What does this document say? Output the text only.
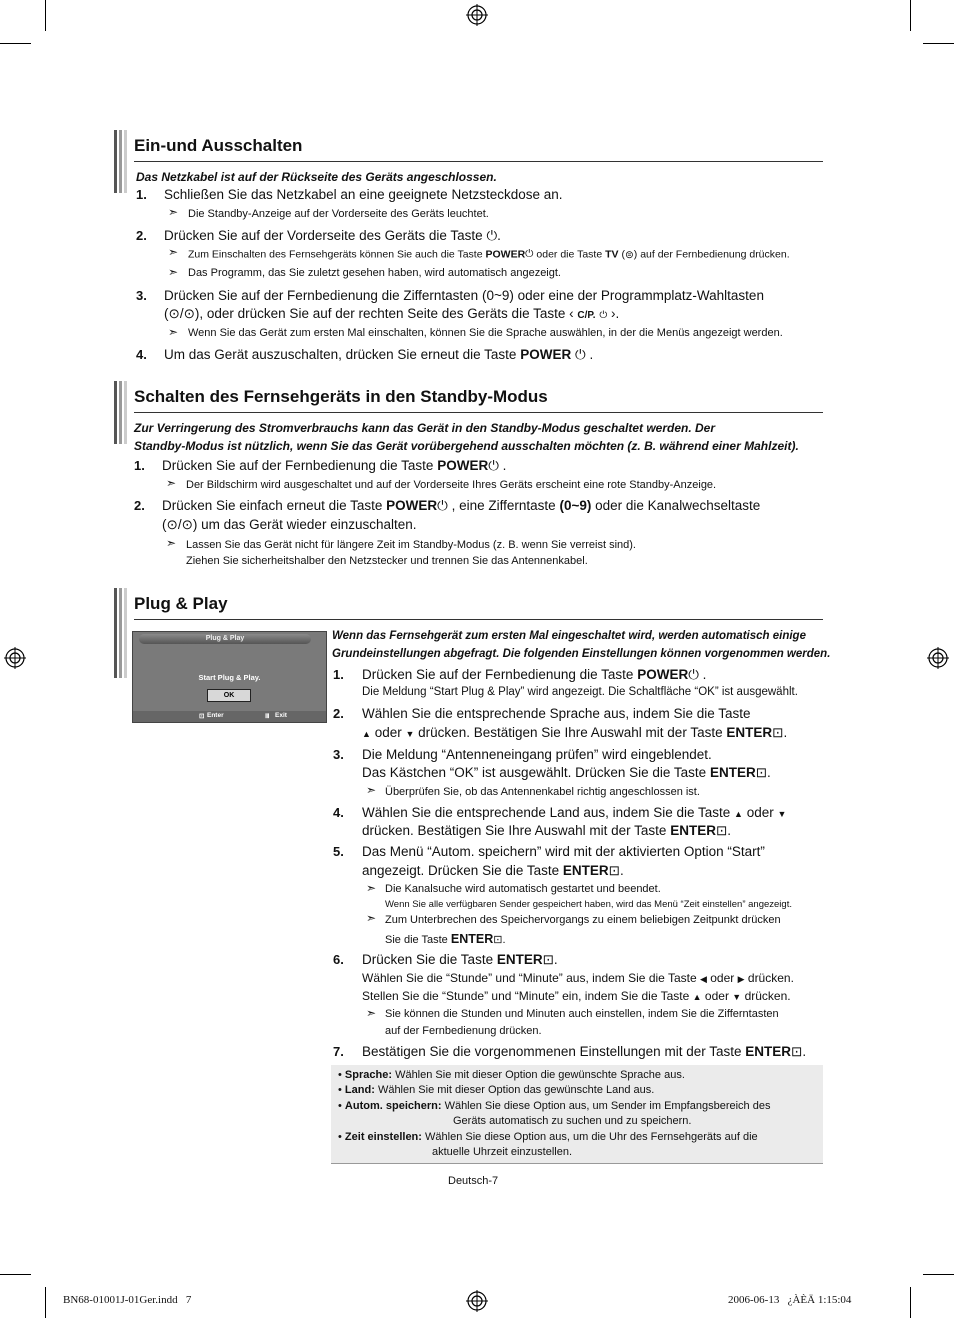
Ein-und Ausschalten
Das Netzkabel ist auf der Rückseite des Geräts angeschlossen.
1. Schließen Sie das Netzkabel an eine geeignete Netzsteckdose an.
➣ Die Standby-Anzeige auf der Vorderseite des Geräts leuchtet.
2. Drücken Sie auf der Vorderseite des Geräts die Taste ⏻.
➣ Zum Einschalten des Fernsehgeräts können Sie auch die Taste POWER⏻ oder die Taste TV (⊜) auf der Fernbedienung drücken.
➣ Das Programm, das Sie zuletzt gesehen haben, wird automatisch angezeigt.
3. Drücken Sie auf der Fernbedienung die Zifferntasten (0~9) oder eine der Programmplatz-Wahltasten
(⊙/⊙), oder drücken Sie auf der rechten Seite des Geräts die Taste ‹ C/P. ⏻ ›.
➣ Wenn Sie das Gerät zum ersten Mal einschalten, können Sie die Sprache auswählen, in der die Menüs angezeigt werden.
4. Um das Gerät auszuschalten, drücken Sie erneut die Taste POWER ⏻ .
Schalten des Fernsehgeräts in den Standby-Modus
Zur Verringerung des Stromverbrauchs kann das Gerät in den Standby-Modus geschaltet werden. Der
Standby-Modus ist nützlich, wenn Sie das Gerät vorübergehend ausschalten möchten (z. B. während einer Mahlzeit).
1. Drücken Sie auf der Fernbedienung die Taste POWER⏻ .
➣ Der Bildschirm wird ausgeschaltet und auf der Vorderseite Ihres Geräts erscheint eine rote Standby-Anzeige.
2. Drücken Sie einfach erneut die Taste POWER⏻ , eine Zifferntaste (0~9) oder die Kanalwechseltaste
(⊙/⊙) um das Gerät wieder einzuschalten.
➣ Lassen Sie das Gerät nicht für längere Zeit im Standby-Modus (z. B. wenn Sie verreist sind).
Ziehen Sie sicherheitshalber den Netzstecker und trennen Sie das Antennenkabel.
Plug & Play
Plug & Play
Start Plug & Play.
OK
⊡ Enter	Ⅲ Exit
Wenn das Fernsehgerät zum ersten Mal eingeschaltet wird, werden automatisch einige
Grundeinstellungen abgefragt. Die folgenden Einstellungen können vorgenommen werden.
1. Drücken Sie auf der Fernbedienung die Taste POWER⏻ .
Die Meldung “Start Plug & Play” wird angezeigt. Die Schaltfläche “OK” ist ausgewählt.
2. Wählen Sie die entsprechende Sprache aus, indem Sie die Taste
▲ oder ▼ drücken. Bestätigen Sie Ihre Auswahl mit der Taste ENTER⊡.
3. Die Meldung “Antenneneingang prüfen” wird eingeblendet.
Das Kästchen “OK” ist ausgewählt. Drücken Sie die Taste ENTER⊡.
➣ Überprüfen Sie, ob das Antennenkabel richtig angeschlossen ist.
4. Wählen Sie die entsprechende Land aus, indem Sie die Taste ▲ oder ▼
drücken. Bestätigen Sie Ihre Auswahl mit der Taste ENTER⊡.
5. Das Menü “Autom. speichern” wird mit der aktivierten Option “Start”
angezeigt. Drücken Sie die Taste ENTER⊡.
➣ Die Kanalsuche wird automatisch gestartet und beendet.
Wenn Sie alle verfügbaren Sender gespeichert haben, wird das Menü “Zeit einstellen” angezeigt.
➣ Zum Unterbrechen des Speichervorgangs zu einem beliebigen Zeitpunkt drücken
Sie die Taste ENTER⊡.
6. Drücken Sie die Taste ENTER⊡.
Wählen Sie die “Stunde” und “Minute” aus, indem Sie die Taste ◀ oder ▶ drücken.
Stellen Sie die “Stunde” und “Minute” ein, indem Sie die Taste ▲ oder ▼ drücken.
➣ Sie können die Stunden und Minuten auch einstellen, indem Sie die Zifferntasten
auf der Fernbedienung drücken.
7. Bestätigen Sie die vorgenommenen Einstellungen mit der Taste ENTER⊡.
• Sprache: Wählen Sie mit dieser Option die gewünschte Sprache aus.
• Land: Wählen Sie mit dieser Option das gewünschte Land aus.
• Autom. speichern: Wählen Sie diese Option aus, um Sender im Empfangsbereich des
Geräts automatisch zu suchen und zu speichern.
• Zeit einstellen: Wählen Sie diese Option aus, um die Uhr des Fernsehgeräts auf die
aktuelle Uhrzeit einzustellen.
Deutsch-7
BN68-01001J-01Ger.indd   7	2006-06-13   ¿ÀÈÄ 1:15:04
